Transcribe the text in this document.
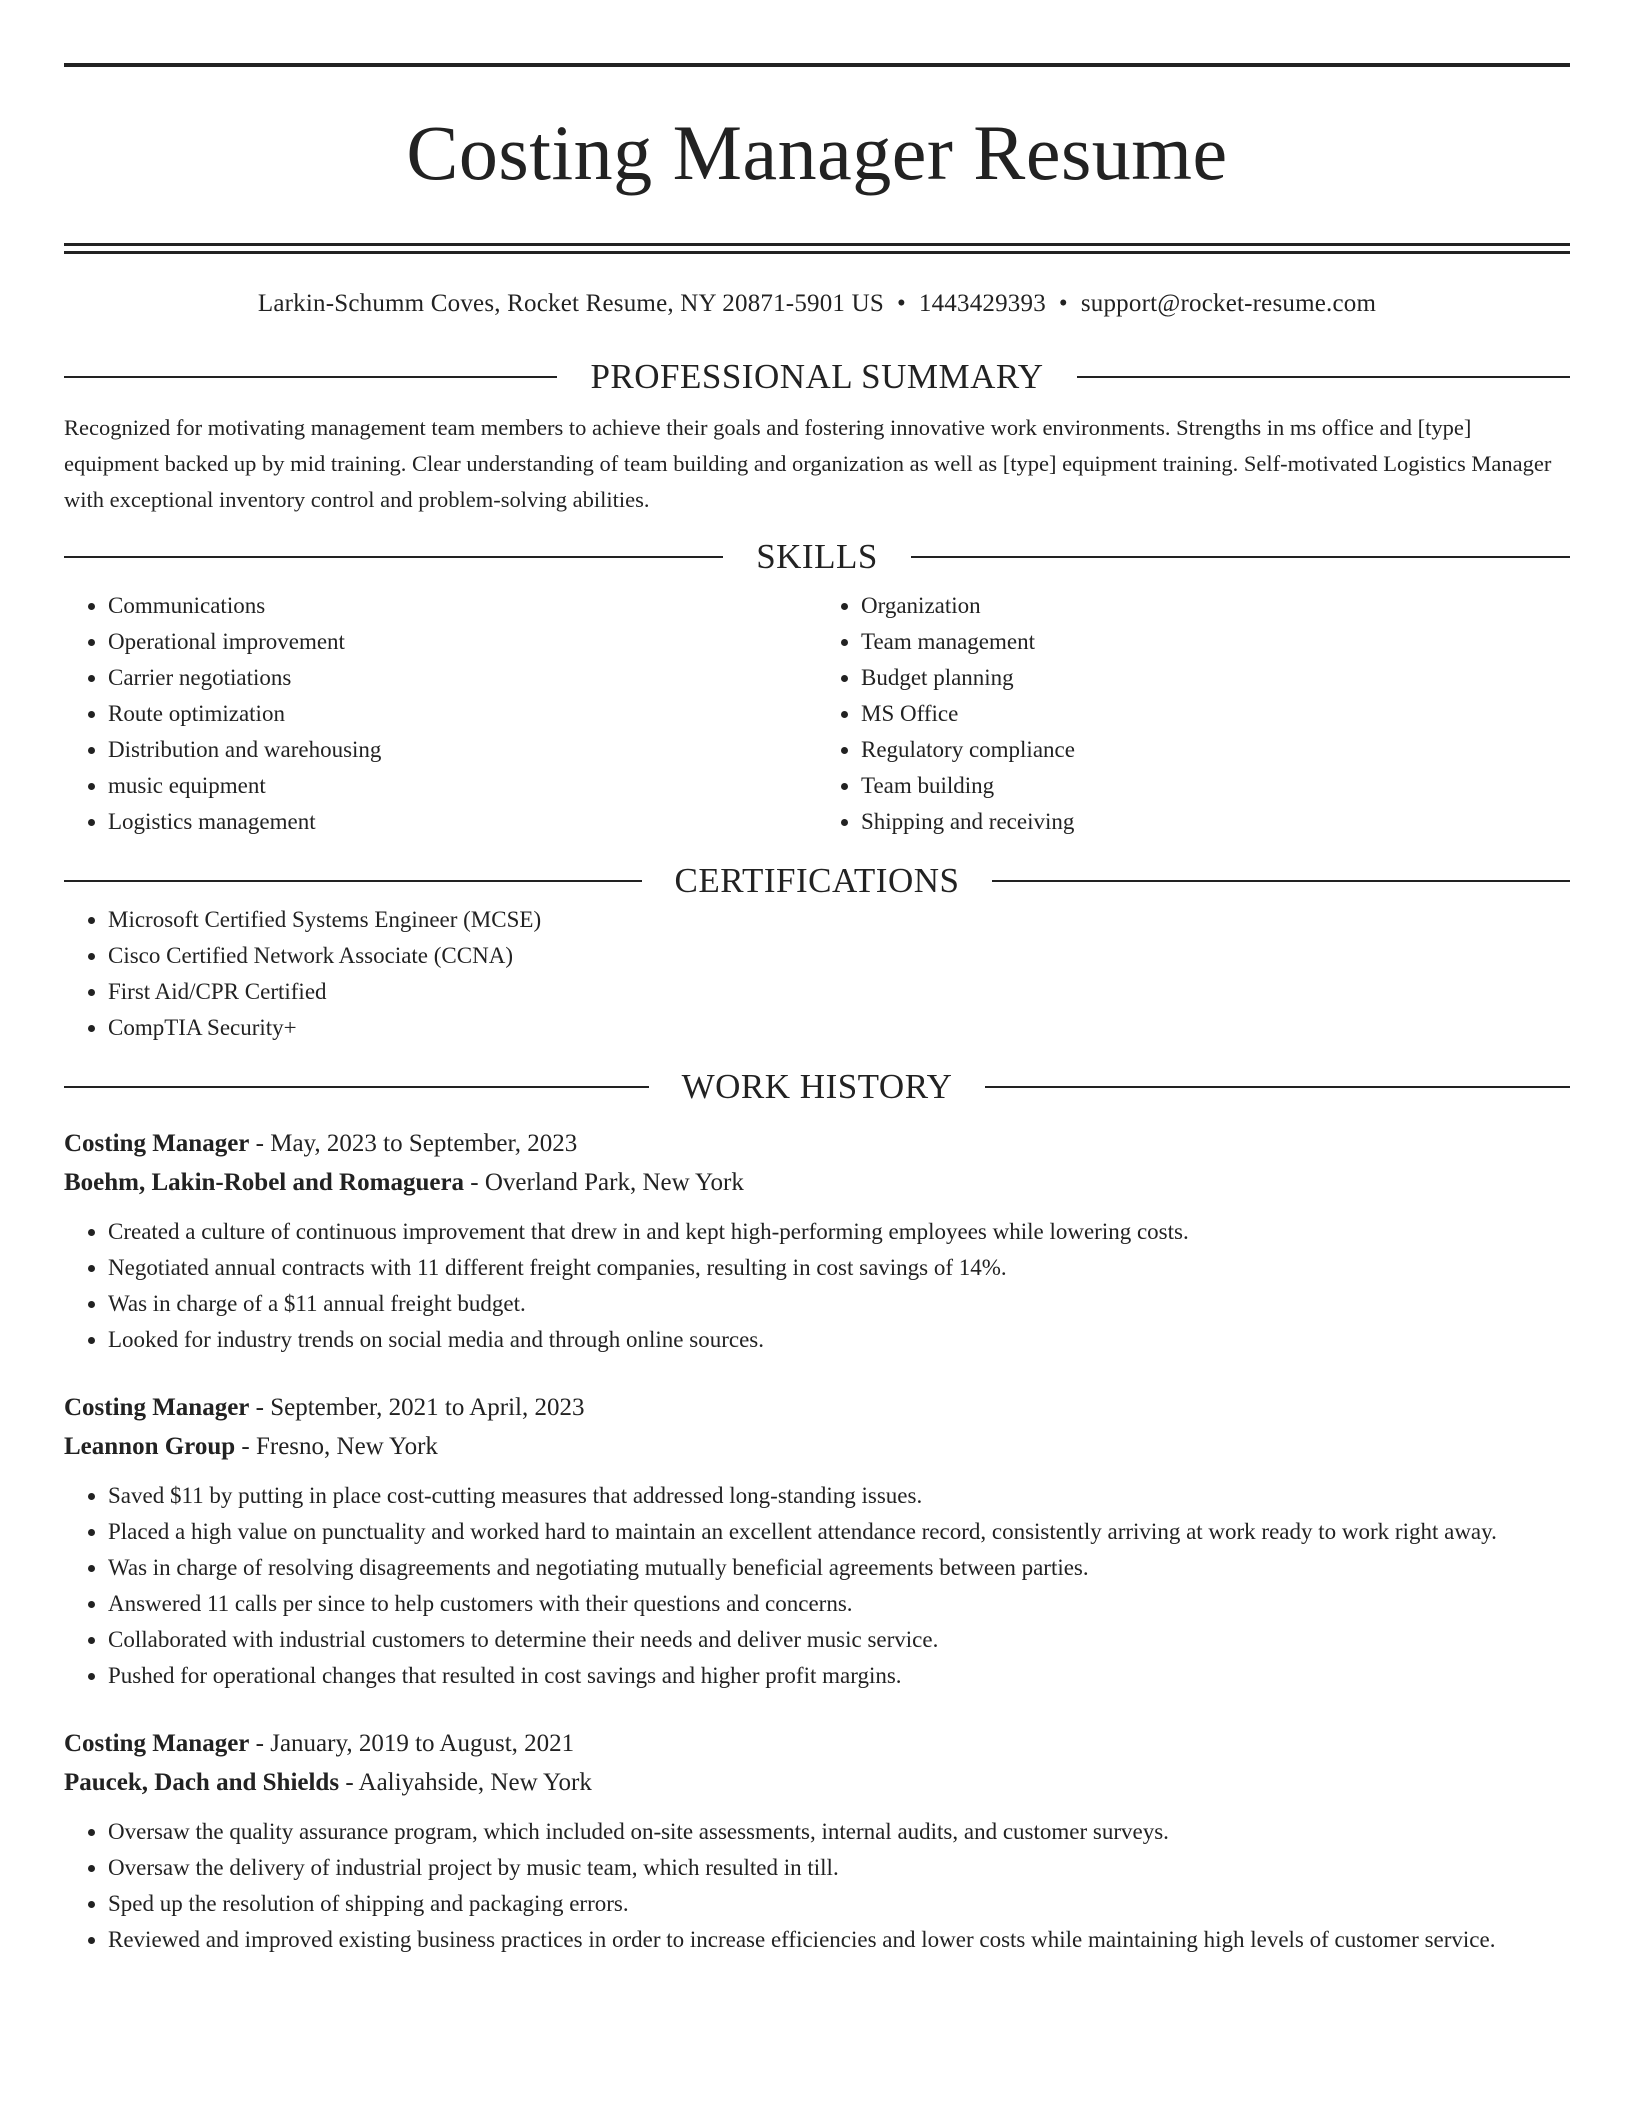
Costing Manager Resume
Larkin-Schumm Coves, Rocket Resume, NY 20871-5901 US • 1443429393 • support@rocket-resume.com
PROFESSIONAL SUMMARY

Recognized for motivating management team members to achieve their goals and fostering innovative work environments. Strengths in ms office and [type] equipment backed up by mid training. Clear understanding of team building and organization as well as [type] equipment training. Self-motivated Logistics Manager with exceptional inventory control and problem-solving abilities.

SKILLS
• Communications
• Operational improvement
• Carrier negotiations
• Route optimization
• Distribution and warehousing
• music equipment
• Logistics management
• Organization
• Team management
• Budget planning
• MS Office
• Regulatory compliance
• Team building
• Shipping and receiving
CERTIFICATIONS
• Microsoft Certified Systems Engineer (MCSE)
• Cisco Certified Network Associate (CCNA)
• First Aid/CPR Certified
• CompTIA Security+
WORK HISTORY
Costing Manager - May, 2023 to September, 2023
Boehm, Lakin-Robel and Romaguera - Overland Park, New York
• Created a culture of continuous improvement that drew in and kept high-performing employees while lowering costs.
• Negotiated annual contracts with 11 different freight companies, resulting in cost savings of 14%.
• Was in charge of a $11 annual freight budget.
• Looked for industry trends on social media and through online sources.
Costing Manager - September, 2021 to April, 2023
Leannon Group - Fresno, New York
• Saved $11 by putting in place cost-cutting measures that addressed long-standing issues.
• Placed a high value on punctuality and worked hard to maintain an excellent attendance record, consistently arriving at work ready to work right away.
• Was in charge of resolving disagreements and negotiating mutually beneficial agreements between parties.
• Answered 11 calls per since to help customers with their questions and concerns.
• Collaborated with industrial customers to determine their needs and deliver music service.
• Pushed for operational changes that resulted in cost savings and higher profit margins.
Costing Manager - January, 2019 to August, 2021
Paucek, Dach and Shields - Aaliyahside, New York
• Oversaw the quality assurance program, which included on-site assessments, internal audits, and customer surveys.
• Oversaw the delivery of industrial project by music team, which resulted in till.
• Sped up the resolution of shipping and packaging errors.
• Reviewed and improved existing business practices in order to increase efficiencies and lower costs while maintaining high levels of customer service.
